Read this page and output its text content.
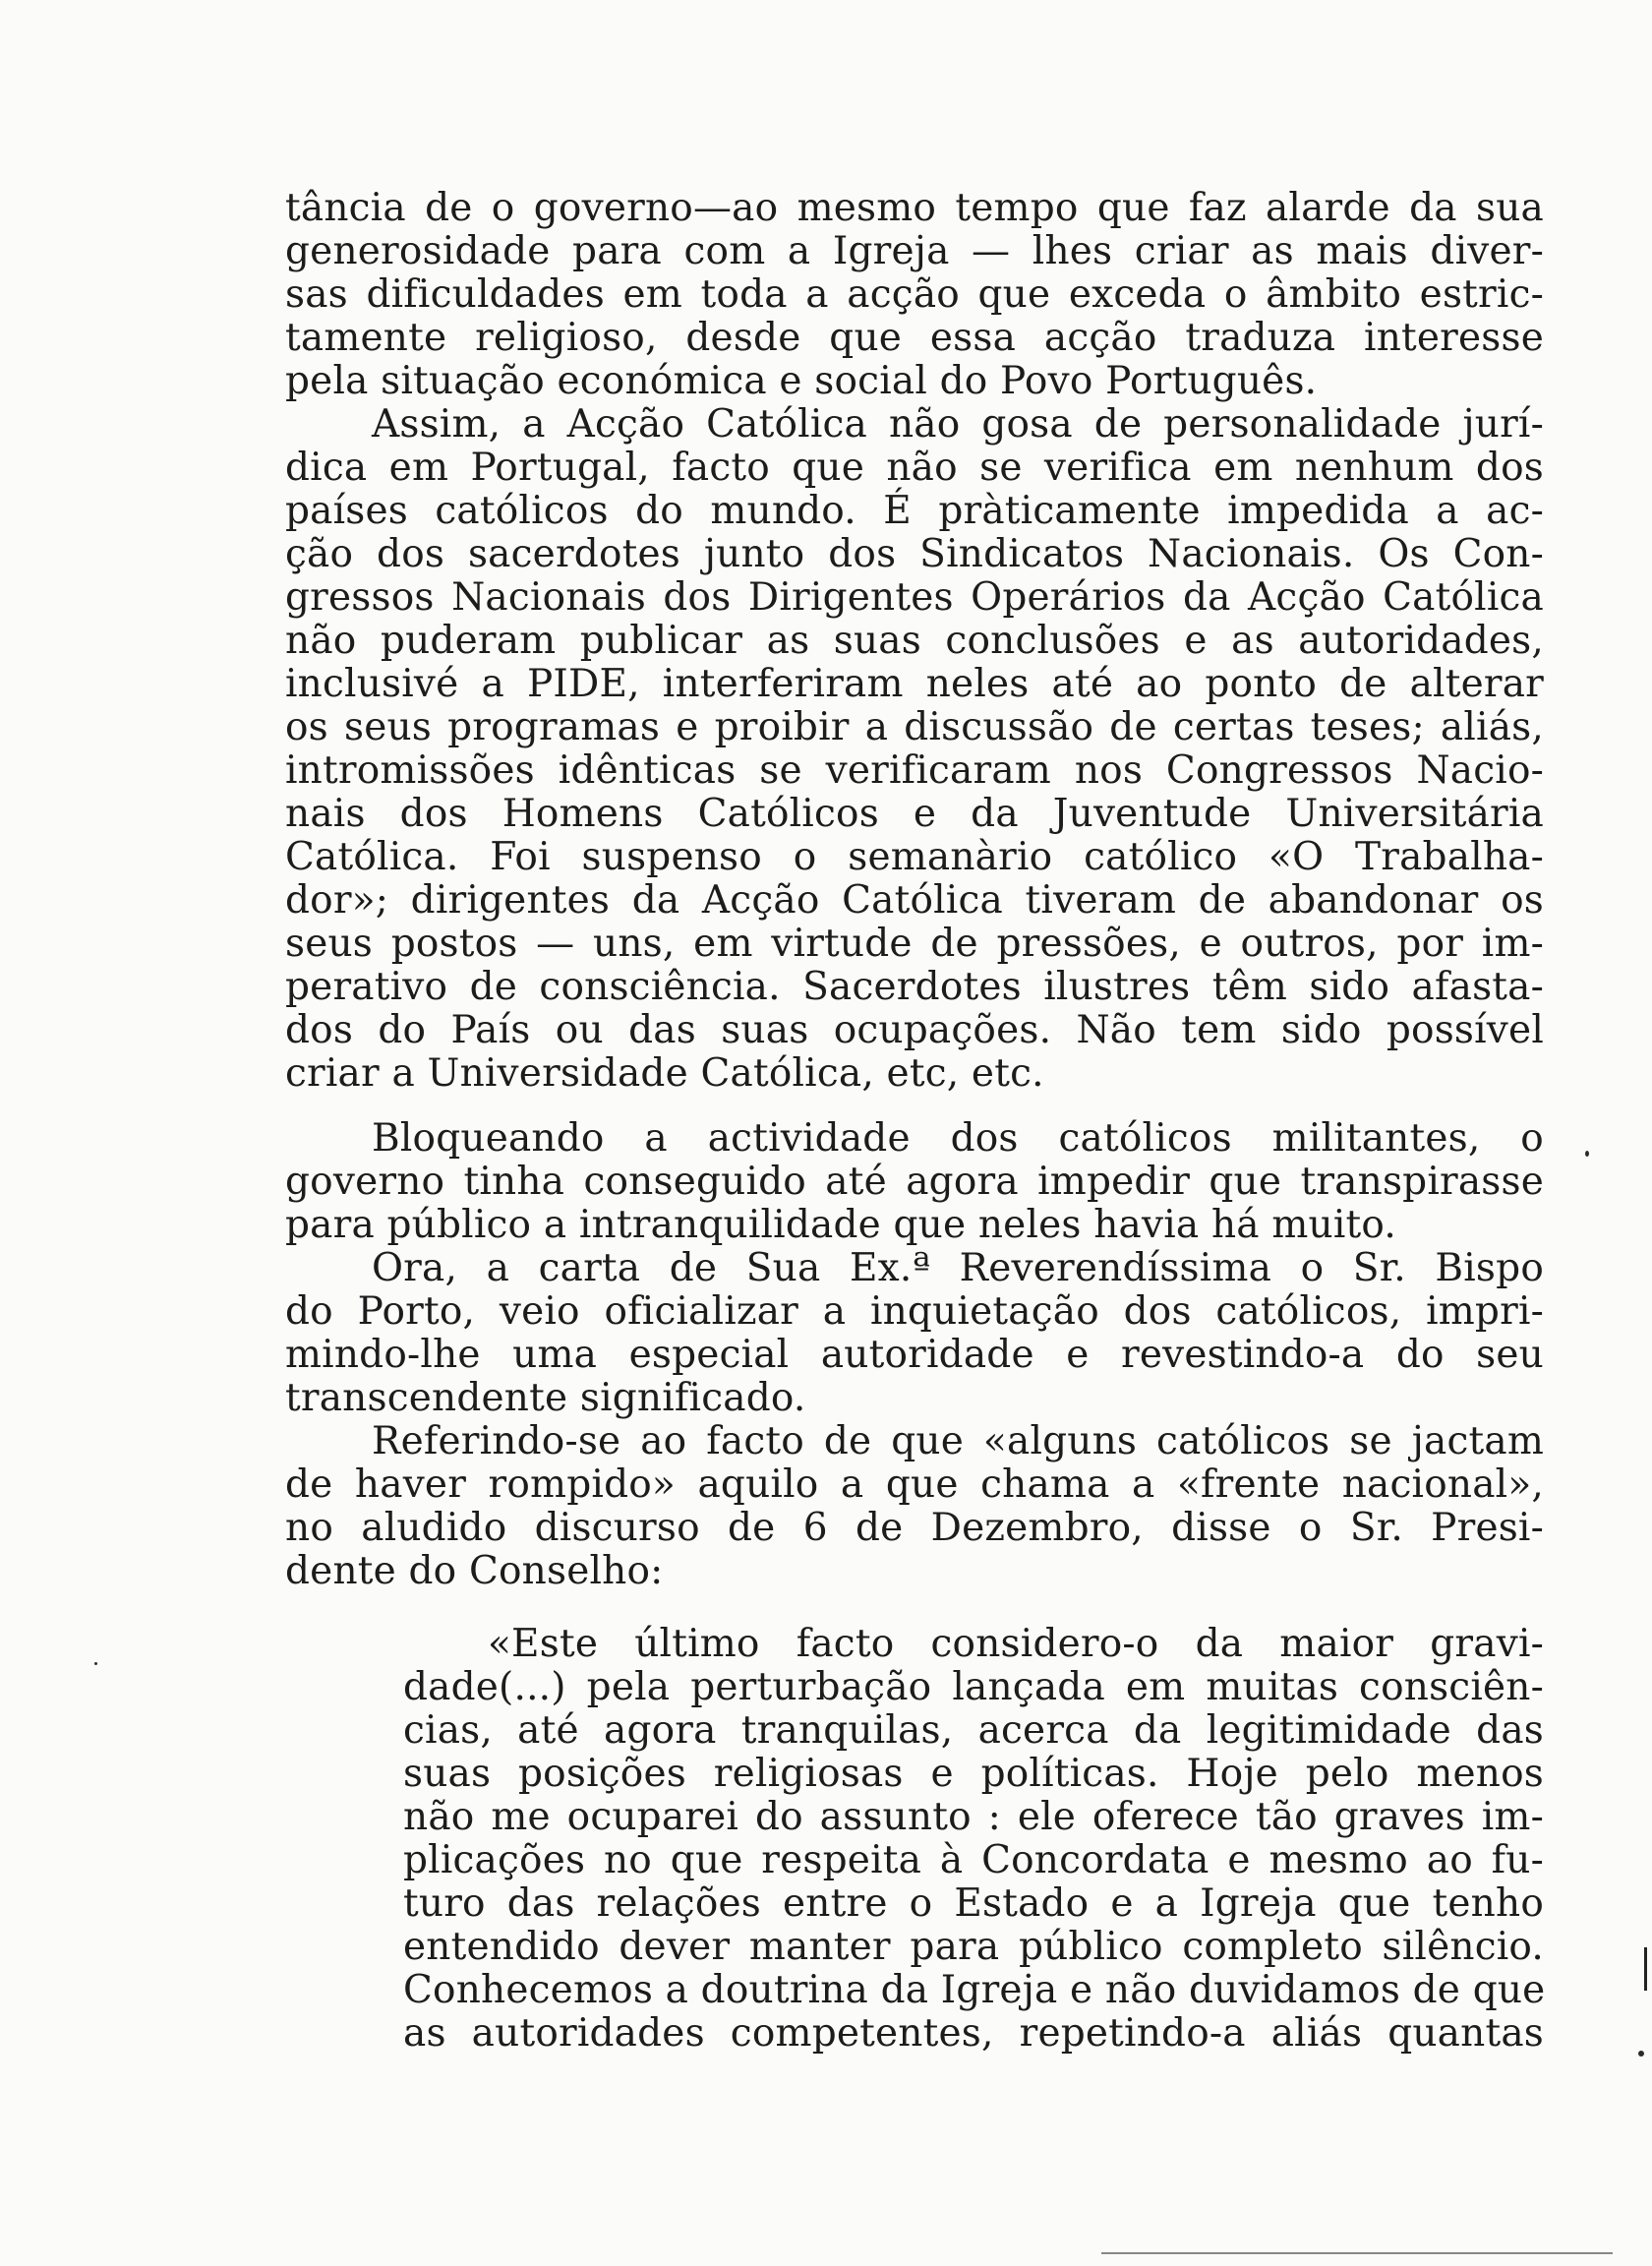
tância de o governo—ao mesmo tempo que faz alarde da sua
generosidade para com a Igreja — lhes criar as mais diver-
sas dificuldades em toda a acção que exceda o âmbito estric-
tamente religioso, desde que essa acção traduza interesse
pela situação económica e social do Povo Português.
Assim, a Acção Católica não gosa de personalidade jurí-
dica em Portugal, facto que não se verifica em nenhum dos
países católicos do mundo. É pràticamente impedida a ac-
ção dos sacerdotes junto dos Sindicatos Nacionais. Os Con-
gressos Nacionais dos Dirigentes Operários da Acção Católica
não puderam publicar as suas conclusões e as autoridades,
inclusivé a PIDE, interferiram neles até ao ponto de alterar
os seus programas e proibir a discussão de certas teses; aliás,
intromissões idênticas se verificaram nos Congressos Nacio-
nais dos Homens Católicos e da Juventude Universitária
Católica. Foi suspenso o semanàrio católico «O Trabalha-
dor»; dirigentes da Acção Católica tiveram de abandonar os
seus postos — uns, em virtude de pressões, e outros, por im-
perativo de consciência. Sacerdotes ilustres têm sido afasta-
dos do País ou das suas ocupações. Não tem sido possível
criar a Universidade Católica, etc, etc.
Bloqueando a actividade dos católicos militantes, o
governo tinha conseguido até agora impedir que transpirasse
para público a intranquilidade que neles havia há muito.
Ora, a carta de Sua Ex.ª Reverendíssima o Sr. Bispo
do Porto, veio oficializar a inquietação dos católicos, impri-
mindo-lhe uma especial autoridade e revestindo-a do seu
transcendente significado.
Referindo-se ao facto de que «alguns católicos se jactam
de haver rompido» aquilo a que chama a «frente nacional»,
no aludido discurso de 6 de Dezembro, disse o Sr. Presi-
dente do Conselho:
«Este último facto considero-o da maior gravi-
dade(...) pela perturbação lançada em muitas consciên-
cias, até agora tranquilas, acerca da legitimidade das
suas posições religiosas e políticas. Hoje pelo menos
não me ocuparei do assunto : ele oferece tão graves im-
plicações no que respeita à Concordata e mesmo ao fu-
turo das relações entre o Estado e a Igreja que tenho
entendido dever manter para público completo silêncio.
Conhecemos a doutrina da Igreja e não duvidamos de que
as autoridades competentes, repetindo-a aliás quantas
